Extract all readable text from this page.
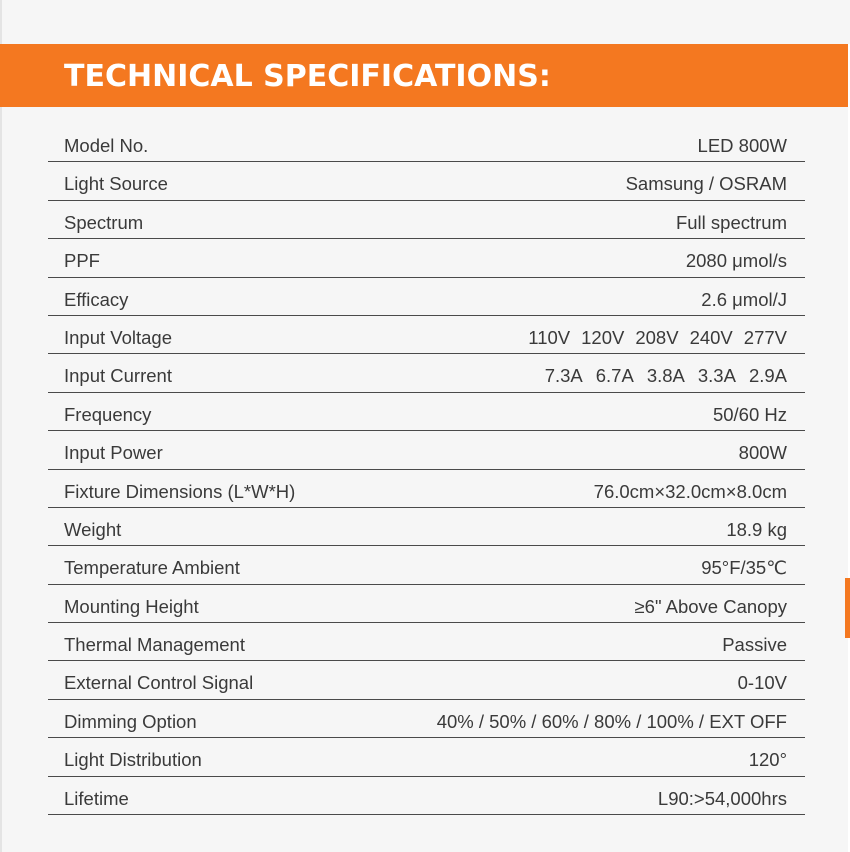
TECHNICAL SPECIFICATIONS:
Model No.	LED 800W
Light Source	Samsung / OSRAM
Spectrum	Full spectrum
PPF	2080 μmol/s
Efficacy	2.6 μmol/J
Input Voltage	110V 120V 208V 240V 277V
Input Current	7.3A 6.7A 3.8A 3.3A 2.9A
Frequency	50/60 Hz
Input Power	800W
Fixture Dimensions (L*W*H)	76.0cm×32.0cm×8.0cm
Weight	18.9 kg
Temperature Ambient	95°F/35℃
Mounting Height	≥6" Above Canopy
Thermal Management	Passive
External Control Signal	0-10V
Dimming Option	40% / 50% / 60% / 80% / 100% / EXT OFF
Light Distribution	120°
Lifetime	L90:>54,000hrs
